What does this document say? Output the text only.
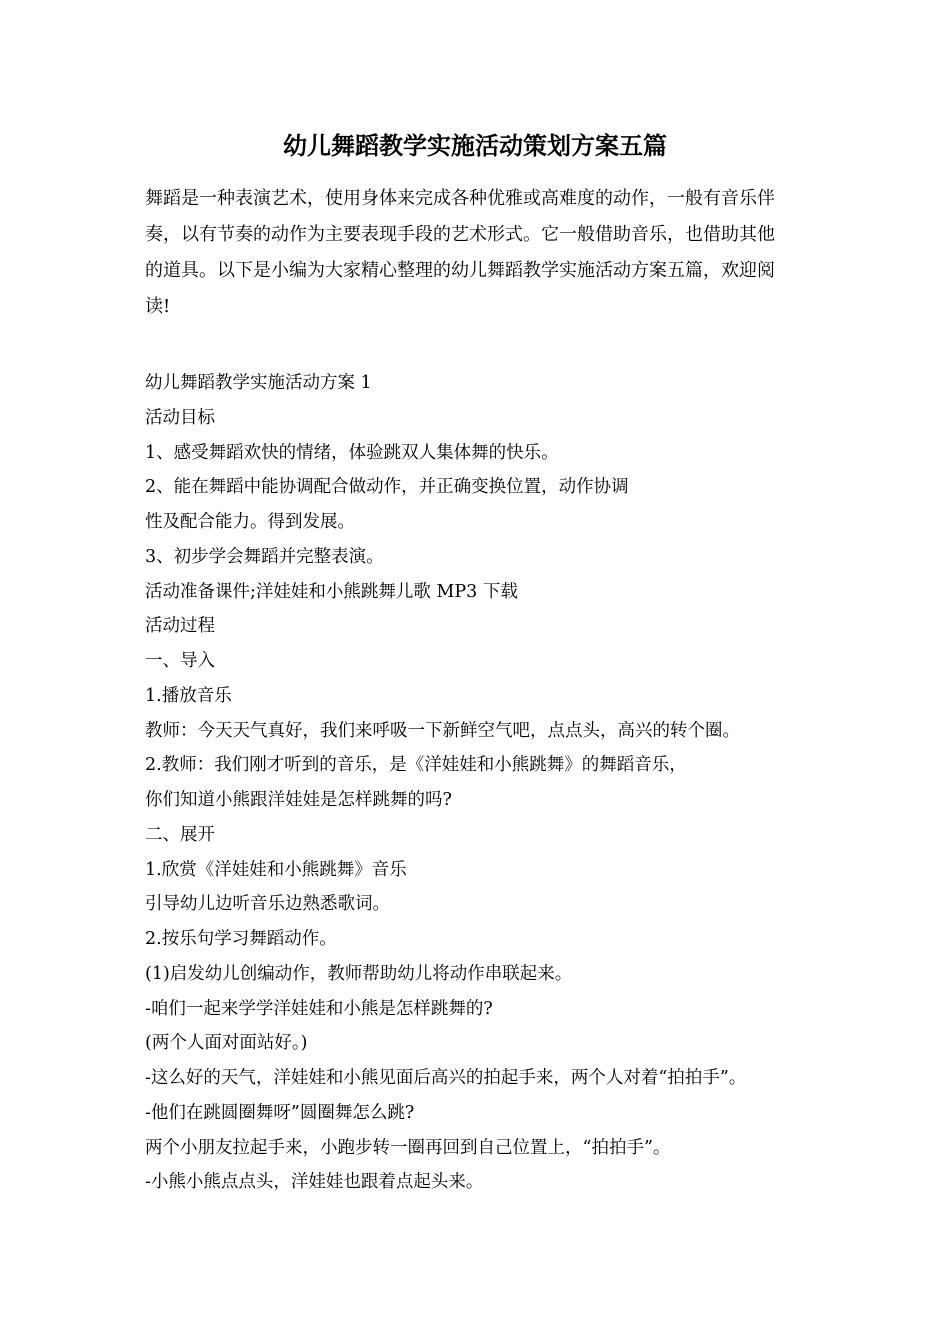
幼儿舞蹈教学实施活动策划方案五篇
舞蹈是一种表演艺术，使用身体来完成各种优雅或高难度的动作，一般有音乐伴
奏，以有节奏的动作为主要表现手段的艺术形式。它一般借助音乐，也借助其他
的道具。以下是小编为大家精心整理的幼儿舞蹈教学实施活动方案五篇，欢迎阅
读!
幼儿舞蹈教学实施活动方案 1
活动目标
1、感受舞蹈欢快的情绪，体验跳双人集体舞的快乐。
2、能在舞蹈中能协调配合做动作，并正确变换位置，动作协调
性及配合能力。得到发展。
3、初步学会舞蹈并完整表演。
活动准备课件;洋娃娃和小熊跳舞儿歌 MP3 下载
活动过程
一、导入
1.播放音乐
教师：今天天气真好，我们来呼吸一下新鲜空气吧，点点头，高兴的转个圈。
2.教师：我们刚才听到的音乐，是《洋娃娃和小熊跳舞》的舞蹈音乐，
你们知道小熊跟洋娃娃是怎样跳舞的吗?
二、展开
1.欣赏《洋娃娃和小熊跳舞》音乐
引导幼儿边听音乐边熟悉歌词。
2.按乐句学习舞蹈动作。
(1)启发幼儿创编动作，教师帮助幼儿将动作串联起来。
-咱们一起来学学洋娃娃和小熊是怎样跳舞的?
(两个人面对面站好。)
-这么好的天气，洋娃娃和小熊见面后高兴的拍起手来，两个人对着“拍拍手”。
-他们在跳圆圈舞呀”圆圈舞怎么跳?
两个小朋友拉起手来，小跑步转一圈再回到自己位置上，“拍拍手”。
-小熊小熊点点头，洋娃娃也跟着点起头来。
